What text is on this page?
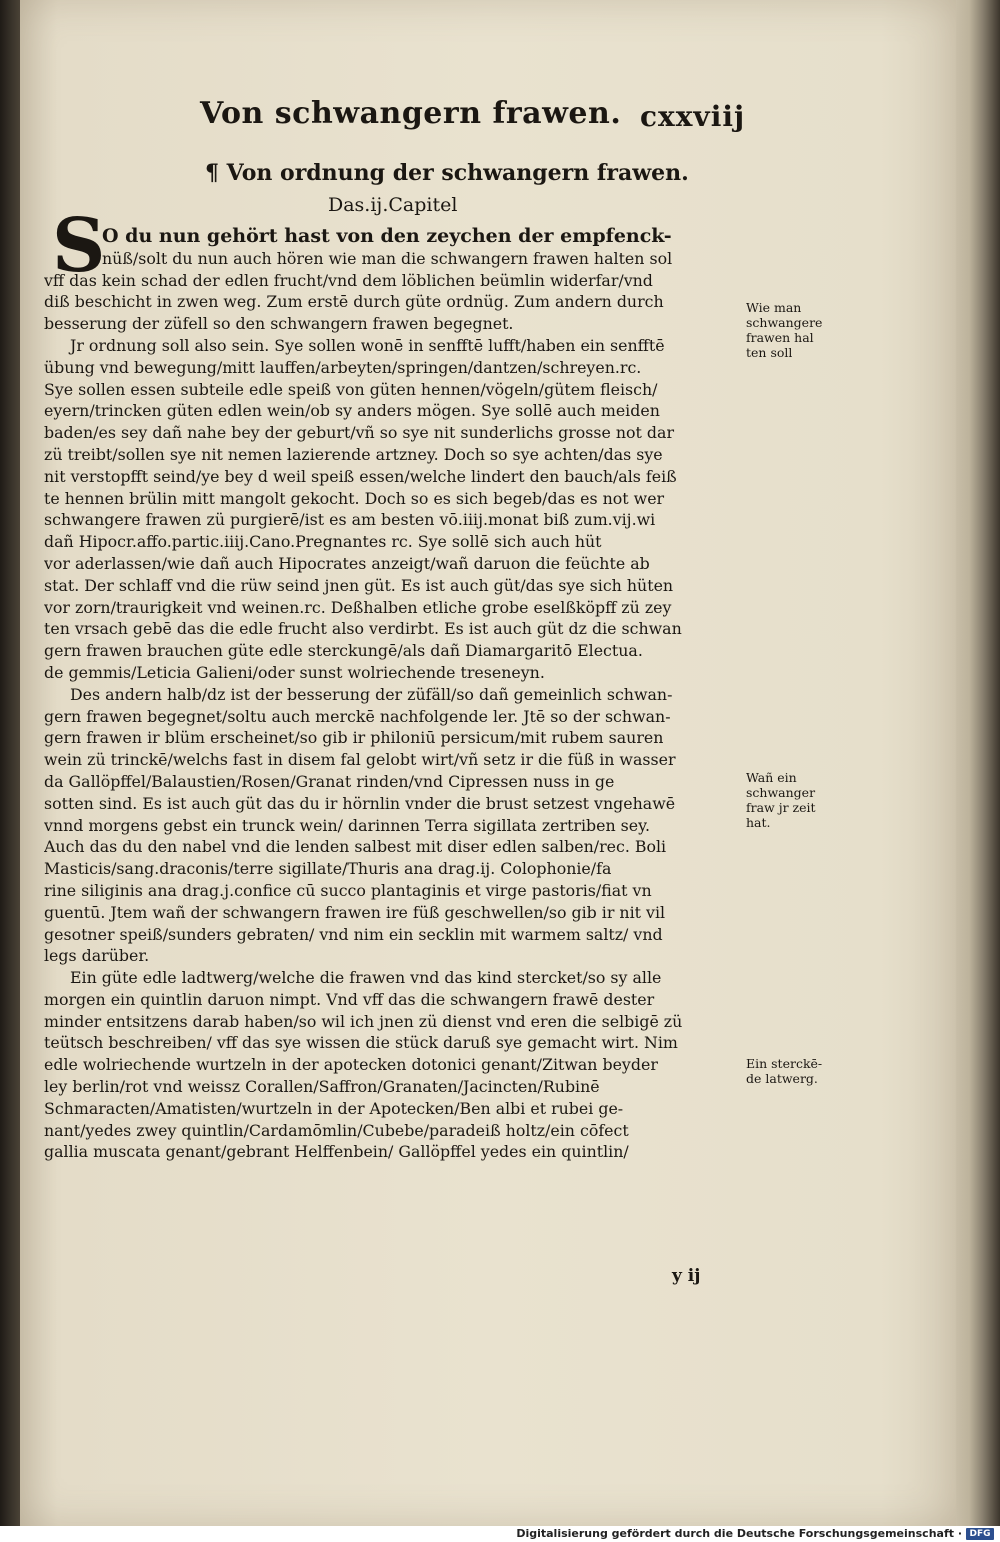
Von schwangern frawen. cxxviij
¶ Von ordnung der schwangern frawen.
Das.ij.Capitel
S
O du nun gehört hast von den zeychen der empfenck-
nüß/solt du nun auch hören wie man die schwangern frawen halten sol
vff das kein schad der edlen frucht/vnd dem löblichen beümlin widerfar/vnd
diß beschicht in zwen weg. Zum erstē durch güte ordnüg. Zum andern durch
besserung der züfell so den schwangern frawen begegnet.
Jr ordnung soll also sein. Sye sollen wonē in senfftē lufft/haben ein senfftē
übung vnd bewegung/mitt lauffen/arbeyten/springen/dantzen/schreyen.rc.
Sye sollen essen subteile edle speiß von güten hennen/vögeln/gütem fleisch/
eyern/trincken güten edlen wein/ob sy anders mögen. Sye sollē auch meiden
baden/es sey dañ nahe bey der geburt/vñ so sye nit sunderlichs grosse not dar
zü treibt/sollen sye nit nemen lazierende artzney. Doch so sye achten/das sye
nit verstopfft seind/ye bey d weil speiß essen/welche lindert den bauch/als feiß
te hennen brülin mitt mangolt gekocht. Doch so es sich begeb/das es not wer
schwangere frawen zü purgierē/ist es am besten vō.iiij.monat biß zum.vij.wi
dañ Hipocr.affo.partic.iiij.Cano.Pregnantes rc. Sye sollē sich auch hüt
vor aderlassen/wie dañ auch Hipocrates anzeigt/wañ daruon die feüchte ab
stat. Der schlaff vnd die rüw seind jnen güt. Es ist auch güt/das sye sich hüten
vor zorn/traurigkeit vnd weinen.rc. Deßhalben etliche grobe eselßköpff zü zey
ten vrsach gebē das die edle frucht also verdirbt. Es ist auch güt dz die schwan
gern frawen brauchen güte edle sterckungē/als dañ Diamargaritō Electua.
de gemmis/Leticia Galieni/oder sunst wolriechende tresenеyn.
Des andern halb/dz ist der besserung der züfäll/so dañ gemeinlich schwan-
gern frawen begegnet/soltu auch merckē nachfolgende ler. Jtē so der schwan-
gern frawen ir blüm erscheinet/so gib ir philoniū persicum/mit rubem sauren
wein zü trinckē/welchs fast in disem fal gelobt wirt/vñ setz ir die füß in wasser
da Gallöpffel/Balaustien/Rosen/Granat rinden/vnd Cipressen nuss in ge
sotten sind. Es ist auch güt das du ir hörnlin vnder die brust setzest vngehawē
vnnd morgens gebst ein trunck wein/ darinnen Terra sigillata zertriben sey.
Auch das du den nabel vnd die lenden salbest mit diser edlen salben/rec. Boli
Masticis/sang.draconis/terre sigillate/Thuris ana drag.ij. Colophonie/fa
rine siliginis ana drag.j.confice cū succo plantaginis et virge pastoris/fiat vn
guentū. Jtem wañ der schwangern frawen ire füß geschwellen/so gib ir nit vil
gesotner speiß/sunders gebraten/ vnd nim ein secklin mit warmem saltz/ vnd
legs darüber.
Ein güte edle ladtwerg/welche die frawen vnd das kind stercket/so sy alle
morgen ein quintlin daruon nimpt. Vnd vff das die schwangern frawē dester
minder entsitzens darab haben/so wil ich jnen zü dienst vnd eren die selbigē zü
teütsch beschreiben/ vff das sye wissen die stück daruß sye gemacht wirt. Nim
edle wolriechende wurtzeln in der apotecken dotonici genant/Zitwan beyder
ley berlin/rot vnd weissz Corallen/Saffron/Granaten/Jacincten/Rubinē
Schmaracten/Amatisten/wurtzeln in der Apotecken/Ben albi et rubei ge-
nant/yedes zwey quintlin/Cardamōmlin/Cubebe/paradeiß holtz/ein cōfect
gallia muscata genant/gebrant Helffenbein/ Gallöpffel yedes ein quintlin/
Wie man
schwangere
frawen hal
ten soll
Wañ ein
schwanger
fraw jr zeit
hat.
Ein sterckē-
de latwerg.
y ij
Digitalisierung gefördert durch die Deutsche Forschungsgemeinschaft · DFG
